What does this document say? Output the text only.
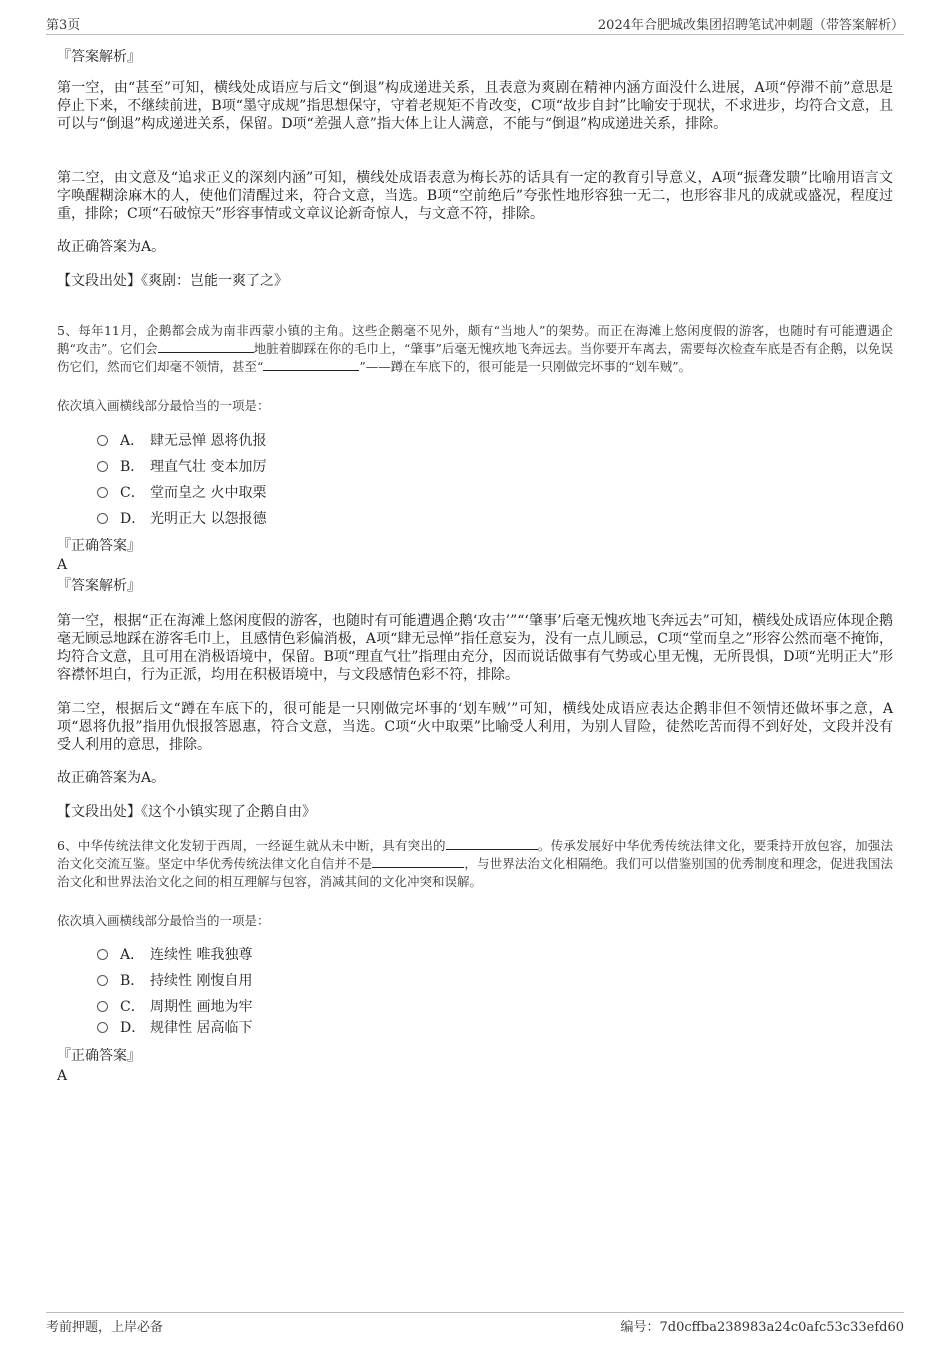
第3页	2024年合肥城改集团招聘笔试冲刺题（带答案解析）
『答案解析』
第一空，由“甚至”可知，横线处成语应与后文“倒退”构成递进关系，且表意为爽剧在精神内涵方面没什么进展，A项“停滞不前”意思是停止下来，不继续前进，B项“墨守成规”指思想保守，守着老规矩不肯改变，C项“故步自封”比喻安于现状，不求进步，均符合文意，且可以与“倒退”构成递进关系，保留。D项“差强人意”指大体上让人满意，不能与“倒退”构成递进关系，排除。
第二空，由文意及“追求正义的深刻内涵”可知，横线处成语表意为梅长苏的话具有一定的教育引导意义，A项“振聋发聩”比喻用语言文字唤醒糊涂麻木的人，使他们清醒过来，符合文意，当选。B项“空前绝后”夸张性地形容独一无二，也形容非凡的成就或盛况，程度过重，排除；C项“石破惊天”形容事情或文章议论新奇惊人，与文意不符，排除。
故正确答案为A。
【文段出处】《爽剧：岂能一爽了之》
5、每年11月，企鹅都会成为南非西蒙小镇的主角。这些企鹅毫不见外，颇有“当地人”的架势。而正在海滩上悠闲度假的游客，也随时有可能遭遇企鹅“攻击”。它们会	地脏着脚踩在你的毛巾上，“肇事”后毫无愧疚地飞奔远去。当你要开车离去，需要每次检查车底是否有企鹅，以免误伤它们，然而它们却毫不领情，甚至“	”——蹲在车底下的，很可能是一只刚做完坏事的“划车贼”。
依次填入画横线部分最恰当的一项是：
A． 肆无忌惮 恩将仇报
B． 理直气壮 变本加厉
C． 堂而皇之 火中取栗
D． 光明正大 以怨报德
『正确答案』
A
『答案解析』
第一空，根据“正在海滩上悠闲度假的游客，也随时有可能遭遇企鹅‘攻击’”“‘肇事’后毫无愧疚地飞奔远去”可知，横线处成语应体现企鹅毫无顾忌地踩在游客毛巾上，且感情色彩偏消极，A项“肆无忌惮”指任意妄为，没有一点儿顾忌，C项“堂而皇之”形容公然而毫不掩饰，均符合文意，且可用在消极语境中，保留。B项“理直气壮”指理由充分，因而说话做事有气势或心里无愧，无所畏惧，D项“光明正大”形容襟怀坦白，行为正派，均用在积极语境中，与文段感情色彩不符，排除。
第二空，根据后文“蹲在车底下的，很可能是一只刚做完坏事的‘划车贼’”可知，横线处成语应表达企鹅非但不领情还做坏事之意，A项“恩将仇报”指用仇恨报答恩惠，符合文意，当选。C项“火中取栗”比喻受人利用，为别人冒险，徒然吃苦而得不到好处，文段并没有受人利用的意思，排除。
故正确答案为A。
【文段出处】《这个小镇实现了企鹅自由》
6、中华传统法律文化发轫于西周，一经诞生就从未中断，具有突出的	。传承发展好中华优秀传统法律文化，要秉持开放包容，加强法治文化交流互鉴。坚定中华优秀传统法律文化自信并不是	，与世界法治文化相隔绝。我们可以借鉴别国的优秀制度和理念，促进我国法治文化和世界法治文化之间的相互理解与包容，消减其间的文化冲突和误解。
依次填入画横线部分最恰当的一项是：
A． 连续性 唯我独尊
B． 持续性 刚愎自用
C． 周期性 画地为牢
D． 规律性 居高临下
『正确答案』
A
考前押题，上岸必备	编号：7d0cffba238983a24c0afc53c33efd60
